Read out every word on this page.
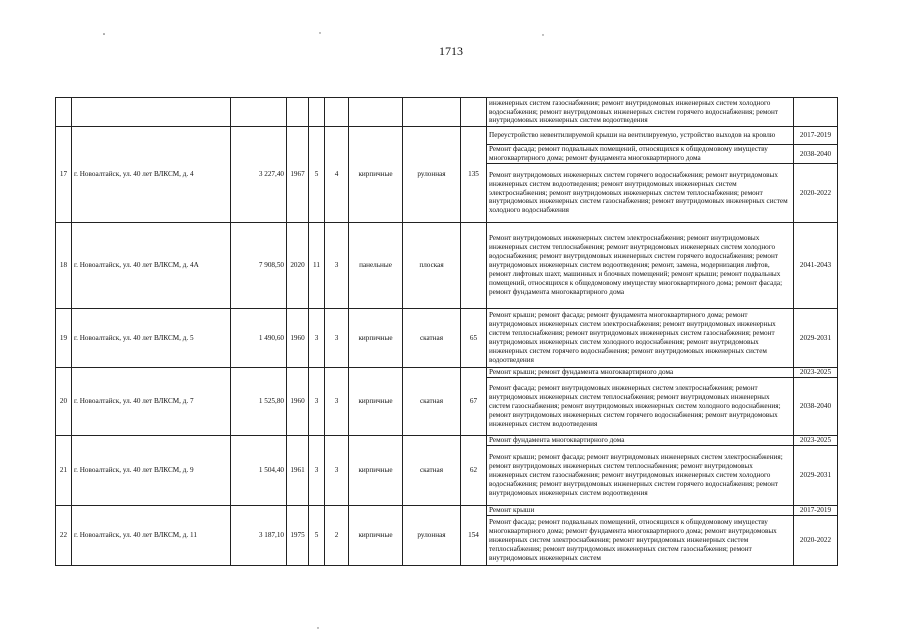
1713
									инженерных систем газоснабжения; ремонт внутридомовых инженерных систем холодного водоснабжения; ремонт внутридомовых инженерных систем горячего водоснабжения; ремонт внутридомовых инженерных систем водоотведения	
17	г. Новоалтайск, ул. 40 лет ВЛКСМ, д. 4	3 227,40	1967	5	4	кирпичные	рулонная	135	Переустройство невентилируемой крыши на вентилируемую, устройство выходов на кровлю	2017-2019
									Ремонт фасада; ремонт подвальных помещений, относящихся к общедомовому имуществу многоквартирного дома; ремонт фундамента многоквартирного дома	2038-2040
									Ремонт внутридомовых инженерных систем горячего водоснабжения; ремонт внутридомовых инженерных систем водоотведения; ремонт внутридомовых инженерных систем электроснабжения; ремонт внутридомовых инженерных систем теплоснабжения; ремонт внутридомовых инженерных систем газоснабжения; ремонт внутридомовых инженерных систем холодного водоснабжения	2020-2022
18	г. Новоалтайск, ул. 40 лет ВЛКСМ, д. 4А	7 908,50	2020	11	3	панельные	плоская		Ремонт внутридомовых инженерных систем электроснабжения; ремонт внутридомовых инженерных систем теплоснабжения; ремонт внутридомовых инженерных систем холодного водоснабжения; ремонт внутридомовых инженерных систем горячего водоснабжения; ремонт внутридомовых инженерных систем водоотведения; ремонт, замена, модернизация лифтов, ремонт лифтовых шахт, машинных и блочных помещений; ремонт крыши; ремонт подвальных помещений, относящихся к общедомовому имуществу многоквартирного дома; ремонт фасада; ремонт фундамента многоквартирного дома	2041-2043
19	г. Новоалтайск, ул. 40 лет ВЛКСМ, д. 5	1 490,60	1960	3	3	кирпичные	скатная	65	Ремонт крыши; ремонт фасада; ремонт фундамента многоквартирного дома; ремонт внутридомовых инженерных систем электроснабжения; ремонт внутридомовых инженерных систем теплоснабжения; ремонт внутридомовых инженерных систем газоснабжения; ремонт внутридомовых инженерных систем холодного водоснабжения; ремонт внутридомовых инженерных систем горячего водоснабжения; ремонт внутридомовых инженерных систем водоотведения	2029-2031
20	г. Новоалтайск, ул. 40 лет ВЛКСМ, д. 7	1 525,80	1960	3	3	кирпичные	скатная	67	Ремонт крыши; ремонт фундамента многоквартирного дома	2023-2025
									Ремонт фасада; ремонт внутридомовых инженерных систем электроснабжения; ремонт внутридомовых инженерных систем теплоснабжения; ремонт внутридомовых инженерных систем газоснабжения; ремонт внутридомовых инженерных систем холодного водоснабжения; ремонт внутридомовых инженерных систем горячего водоснабжения; ремонт внутридомовых инженерных систем водоотведения	2038-2040
21	г. Новоалтайск, ул. 40 лет ВЛКСМ, д. 9	1 504,40	1961	3	3	кирпичные	скатная	62	Ремонт фундамента многоквартирного дома	2023-2025
									Ремонт крыши; ремонт фасада; ремонт внутридомовых инженерных систем электроснабжения; ремонт внутридомовых инженерных систем теплоснабжения; ремонт внутридомовых инженерных систем газоснабжения; ремонт внутридомовых инженерных систем холодного водоснабжения; ремонт внутридомовых инженерных систем горячего водоснабжения; ремонт внутридомовых инженерных систем водоотведения	2029-2031
22	г. Новоалтайск, ул. 40 лет ВЛКСМ, д. 11	3 187,10	1975	5	2	кирпичные	рулонная	154	Ремонт крыши	2017-2019
									Ремонт фасада; ремонт подвальных помещений, относящихся к общедомовому имуществу многоквартирного дома; ремонт фундамента многоквартирного дома; ремонт внутридомовых инженерных систем электроснабжения; ремонт внутридомовых инженерных систем теплоснабжения; ремонт внутридомовых инженерных систем газоснабжения; ремонт внутридомовых инженерных систем	2020-2022
